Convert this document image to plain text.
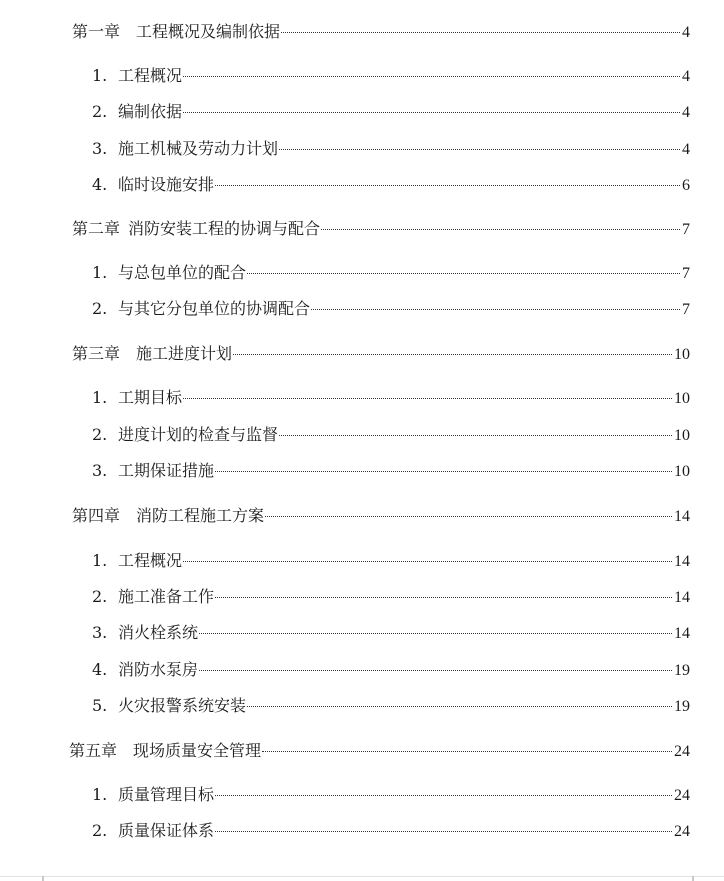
第一章 工程概况及编制依据	4
1. 工程概况	4
2. 编制依据	4
3. 施工机械及劳动力计划	4
4. 临时设施安排	6
第二章 消防安装工程的协调与配合	7
1. 与总包单位的配合	7
2. 与其它分包单位的协调配合	7
第三章 施工进度计划	10
1. 工期目标	10
2. 进度计划的检查与监督	10
3. 工期保证措施	10
第四章 消防工程施工方案	14
1. 工程概况	14
2. 施工准备工作	14
3. 消火栓系统	14
4. 消防水泵房	19
5. 火灾报警系统安装	19
第五章 现场质量安全管理	24
1. 质量管理目标	24
2. 质量保证体系	24
